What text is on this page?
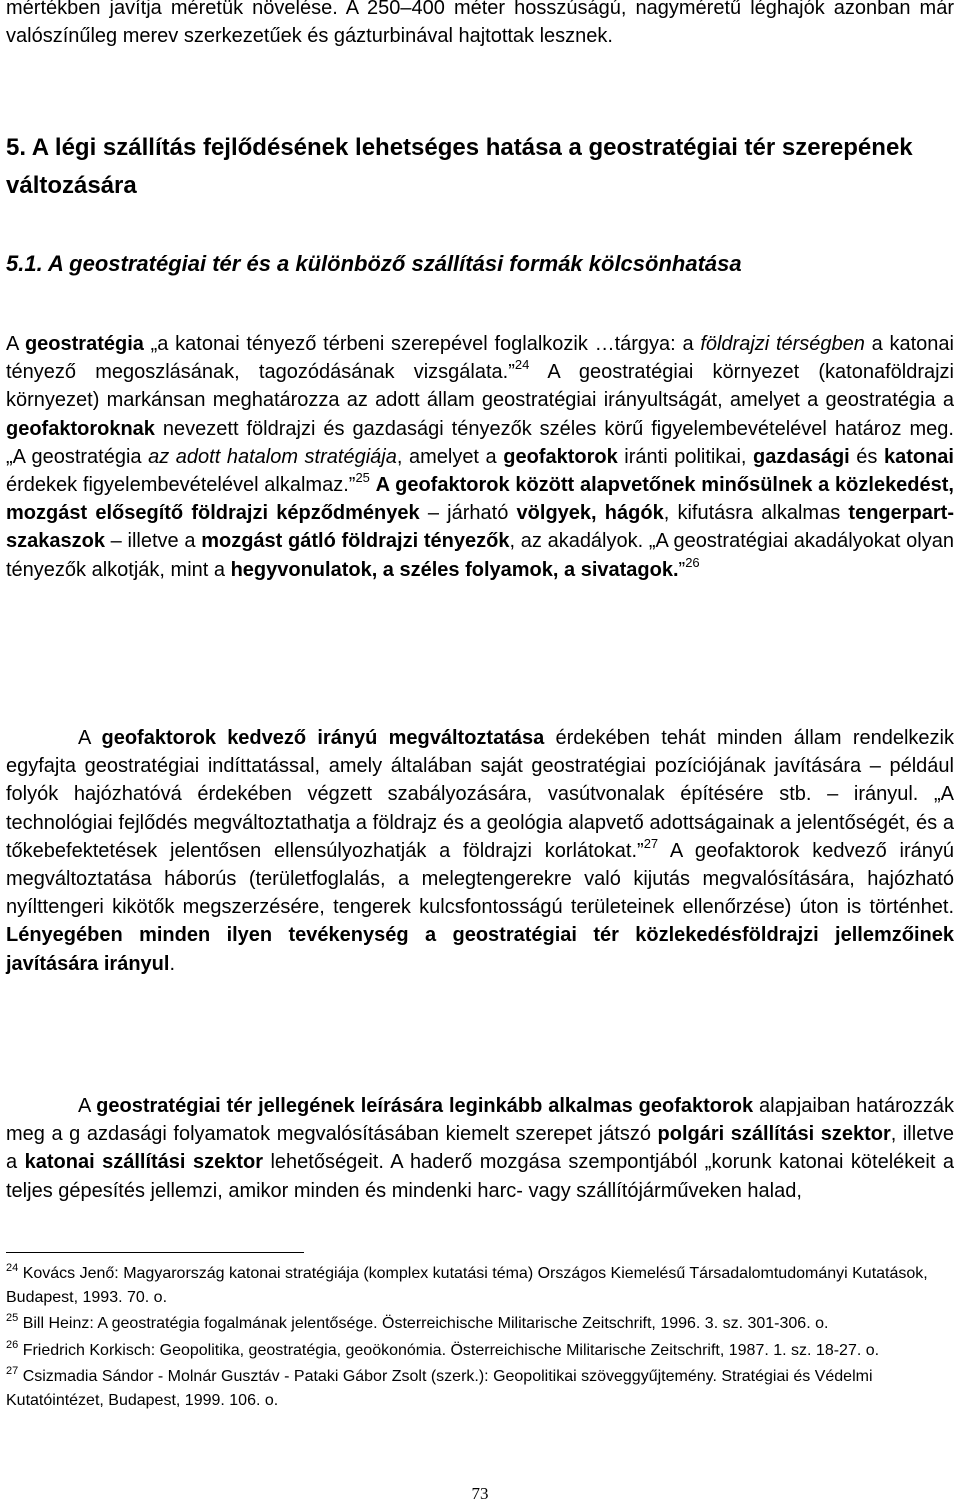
mértékben javítja méretük növelése. A 250–400 méter hosszúságú, nagyméretű léghajók azonban már valószínűleg merev szerkezetűek és gázturbinával hajtottak lesznek.

5. A légi szállítás fejlődésének lehetséges hatása a geostratégiai tér szerepének változására
5.1. A geostratégiai tér és a különböző szállítási formák kölcsönhatása

A geostratégia „a katonai tényező térbeni szerepével foglalkozik …tárgya: a földrajzi térségben a katonai tényező megoszlásának, tagozódásának vizsgálata.”$^{24}$ A geostratégiai környezet (katonaföldrajzi környezet) markánsan meghatározza az adott állam geostratégiai irányultságát, amelyet a geostratégia a geofaktoroknak nevezett földrajzi és gazdasági tényezők széles körű figyelembevételével határoz meg. „A geostratégia az adott hatalom stratégiája, amelyet a geofaktorok iránti politikai, gazdasági és katonai érdekek figyelembevételével alkalmaz.”$^{25}$ A geofaktorok között alapvetőnek minősülnek a közlekedést, mozgást elősegítő földrajzi képződmények – járható völgyek, hágók, kifutásra alkalmas tengerpart-szakaszok – illetve a mozgást gátló földrajzi tényezők, az akadályok. „A geostratégiai akadályokat olyan tényezők alkotják, mint a hegyvonulatok, a széles folyamok, a sivatagok.”$^{26}$

A geofaktorok kedvező irányú megváltoztatása érdekében tehát minden állam rendelkezik egyfajta geostratégiai indíttatással, amely általában saját geostratégiai pozíciójának javítására – például folyók hajózhatóvá érdekében végzett szabályozására, vasútvonalak építésére stb. – irányul. „A technológiai fejlődés megváltoztathatja a földrajz és a geológia alapvető adottságainak a jelentőségét, és a tőkebefektetések jelentősen ellensúlyozhatják a földrajzi korlátokat.”$^{27}$ A geofaktorok kedvező irányú megváltoztatása háborús (területfoglalás, a melegtengerekre való kijutás megvalósítására, hajózható nyílttengeri kikötők megszerzésére, tengerek kulcsfontosságú területeinek ellenőrzése) úton is történhet. Lényegében minden ilyen tevékenység a geostratégiai tér közlekedésföldrajzi jellemzőinek javítására irányul.

A geostratégiai tér jellegének leírására leginkább alkalmas geofaktorok alapjaiban határozzák meg a g azdasági folyamatok megvalósításában kiemelt szerepet játszó polgári szállítási szektor, illetve a katonai szállítási szektor lehetőségeit. A haderő mozgása szempontjából „korunk katonai kötelékeit a teljes gépesítés jellemzi, amikor minden és mindenki harc- vagy szállítójárműveken halad,

$^{24}$ Kovács Jenő: Magyarország katonai stratégiája (komplex kutatási téma) Országos Kiemelésű Társadalomtudományi Kutatások, Budapest, 1993. 70. o.

$^{25}$ Bill Heinz: A geostratégia fogalmának jelentősége. Österreichische Militarische Zeitschrift, 1996. 3. sz. 301-306. o.

$^{26}$ Friedrich Korkisch: Geopolitika, geostratégia, geoökonómia. Österreichische Militarische Zeitschrift, 1987. 1. sz. 18-27. o.

$^{27}$ Csizmadia Sándor - Molnár Gusztáv - Pataki Gábor Zsolt (szerk.): Geopolitikai szöveggyűjtemény. Stratégiai és Védelmi Kutatóintézet, Budapest, 1999. 106. o.

73
